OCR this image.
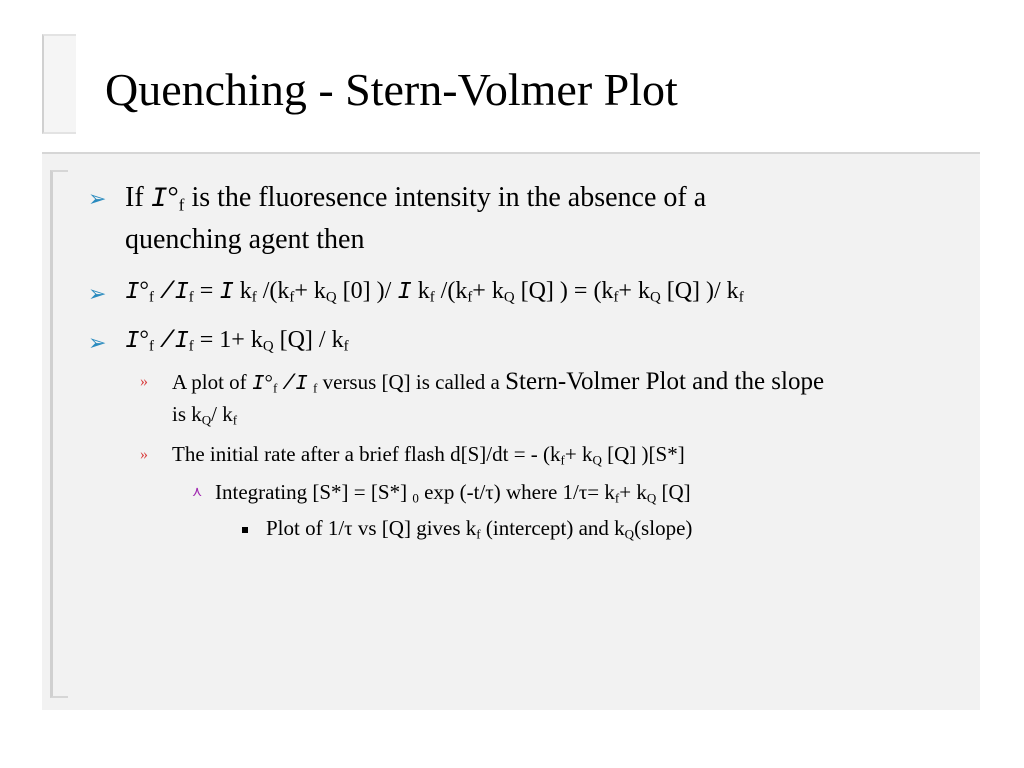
Quenching - Stern-Volmer Plot
➢ If $I^\circ_f$ is the fluoresence intensity in the absence of a
quenching agent then
➢ $I^\circ_f$ $/I_f = I$ $k_f$ $/(k_f+ k_Q$ [0] )/ I $k_f$ $/(k_f+ k_Q$ [Q] ) = ($k_f+ k_Q$ [Q] )/ $k_f$
➢ $I^\circ_f$ $/I_f = 1+ k_Q$ $[Q] / k_f$
» A plot of $I^\circ_f$ /I $_f$ versus [Q] is called a Stern-Volmer Plot and the slope
is $k_Q/$ $k_f$
» The initial rate after a brief flash d[S]/dt = - ($k_f+ k_Q$ [Q] )[S*]
⋏ Integrating [S*] = [S*] $_0$ exp (-t/τ) where $1/\tau= k_f+ k_Q$ [Q]
Plot of 1/τ vs [Q] gives $k_f$ (intercept) and $k_Q(slope)$
